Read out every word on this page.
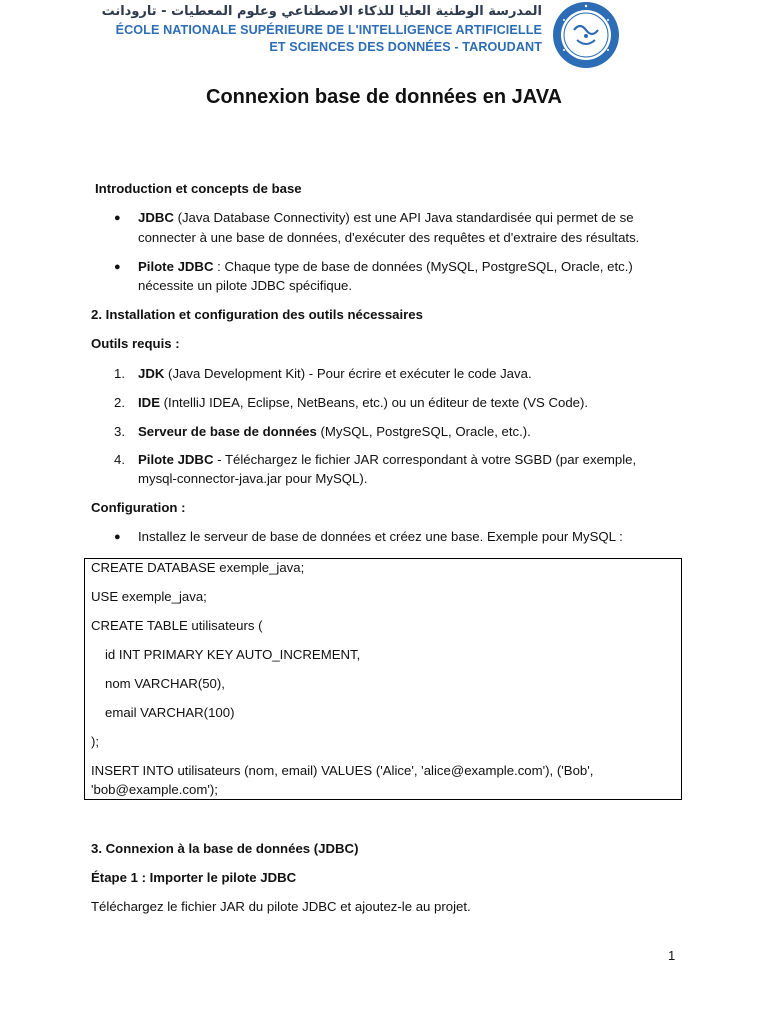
المدرسة الوطنية العليا للذكاء الاصطناعي وعلوم المعطيات - تارودانت
ÉCOLE NATIONALE SUPÉRIEURE DE L'INTELLIGENCE ARTIFICIELLE
ET SCIENCES DES DONNÉES - TAROUDANT
Connexion base de données en JAVA
Introduction et concepts de base
● JDBC (Java Database Connectivity) est une API Java standardisée qui permet de se
connecter à une base de données, d'exécuter des requêtes et d'extraire des résultats.
● Pilote JDBC : Chaque type de base de données (MySQL, PostgreSQL, Oracle, etc.)
nécessite un pilote JDBC spécifique.
2. Installation et configuration des outils nécessaires
Outils requis :
1. JDK (Java Development Kit) - Pour écrire et exécuter le code Java.
2. IDE (IntelliJ IDEA, Eclipse, NetBeans, etc.) ou un éditeur de texte (VS Code).
3. Serveur de base de données (MySQL, PostgreSQL, Oracle, etc.).
4. Pilote JDBC - Téléchargez le fichier JAR correspondant à votre SGBD (par exemple,
mysql-connector-java.jar pour MySQL).
Configuration :
● Installez le serveur de base de données et créez une base. Exemple pour MySQL :
CREATE DATABASE exemple_java;
USE exemple_java;
CREATE TABLE utilisateurs (
id INT PRIMARY KEY AUTO_INCREMENT,
nom VARCHAR(50),
email VARCHAR(100)
);
INSERT INTO utilisateurs (nom, email) VALUES ('Alice', 'alice@example.com'), ('Bob',
'bob@example.com');
3. Connexion à la base de données (JDBC)
Étape 1 : Importer le pilote JDBC
Téléchargez le fichier JAR du pilote JDBC et ajoutez-le au projet.
1
